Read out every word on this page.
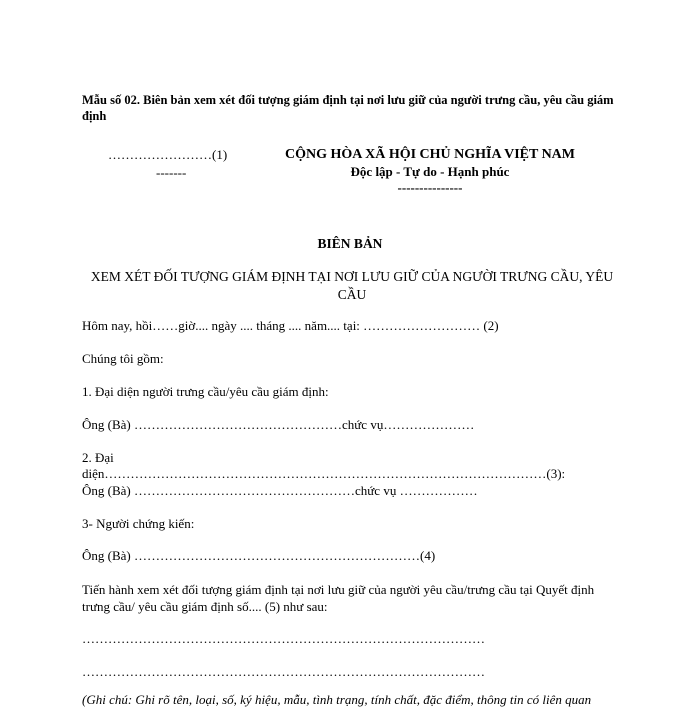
Mẫu số 02. Biên bản xem xét đối tượng giám định tại nơi lưu giữ của người trưng cầu, yêu cầu giám định
……………………(1)
-------
CỘNG HÒA XÃ HỘI CHỦ NGHĨA VIỆT NAM
Độc lập - Tự do - Hạnh phúc
---------------
BIÊN BẢN
XEM XÉT ĐỐI TƯỢNG GIÁM ĐỊNH TẠI NƠI LƯU GIỮ CỦA NGƯỜI TRƯNG CẦU, YÊU CẦU
Hôm nay, hồi……giờ.... ngày .... tháng .... năm.... tại: ……………………… (2)
Chúng tôi gồm:
1. Đại diện người trưng cầu/yêu cầu giám định:
Ông (Bà) …………………………………………chức vụ…………………
2. Đại
diện…………………………………………………………………………………………(3):
Ông (Bà) ……………………………………………chức vụ ………………
3- Người chứng kiến:
Ông (Bà) …………………………………………………………(4)
Tiến hành xem xét đối tượng giám định tại nơi lưu giữ của người yêu cầu/trưng cầu tại Quyết định trưng cầu/ yêu cầu giám định số.... (5) như sau:
…………………………………………………………………………………
…………………………………………………………………………………
(Ghi chú: Ghi rõ tên, loại, số, ký hiệu, mẫu, tình trạng, tính chất, đặc điểm, thông tin có liên quan
